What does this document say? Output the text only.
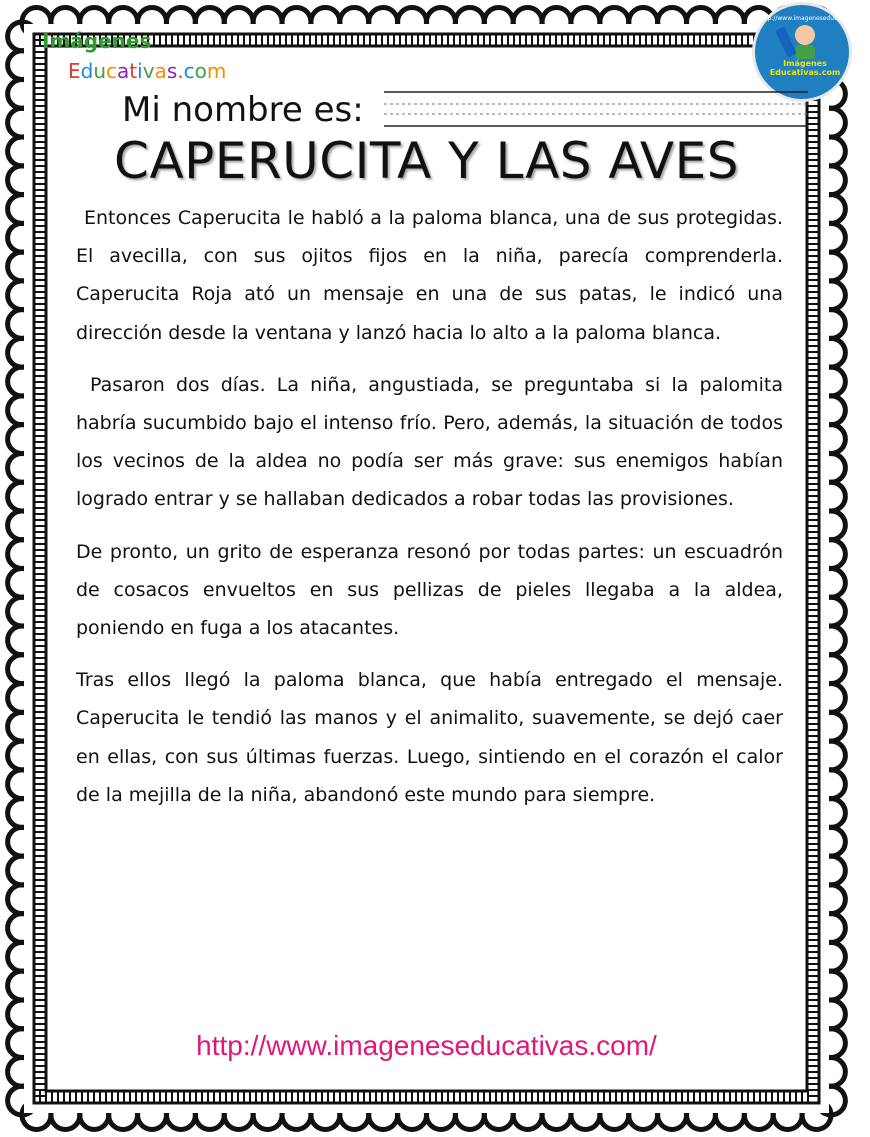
Imágenes
Educativas.com
http://www.imageneseducativas.com
Imágenes Educativas.com
Mi nombre es:
CAPERUCITA Y LAS AVES

Entonces Caperucita le habló a la paloma blanca, una de sus protegidas. El avecilla, con sus ojitos fijos en la niña, parecía comprenderla. Caperucita Roja ató un mensaje en una de sus patas, le indicó una dirección desde la ventana y lanzó hacia lo alto a la paloma blanca.

Pasaron dos días. La niña, angustiada, se preguntaba si la palomita habría sucumbido bajo el intenso frío. Pero, además, la situación de todos los vecinos de la aldea no podía ser más grave: sus enemigos habían logrado entrar y se hallaban dedicados a robar todas las provisiones.

De pronto, un grito de esperanza resonó por todas partes: un escuadrón de cosacos envueltos en sus pellizas de pieles llegaba a la aldea, poniendo en fuga a los atacantes.

Tras ellos llegó la paloma blanca, que había entregado el mensaje. Caperucita le tendió las manos y el animalito, suavemente, se dejó caer en ellas, con sus últimas fuerzas. Luego, sintiendo en el corazón el calor de la mejilla de la niña, abandonó este mundo para siempre.

http://www.imageneseducativas.com/
